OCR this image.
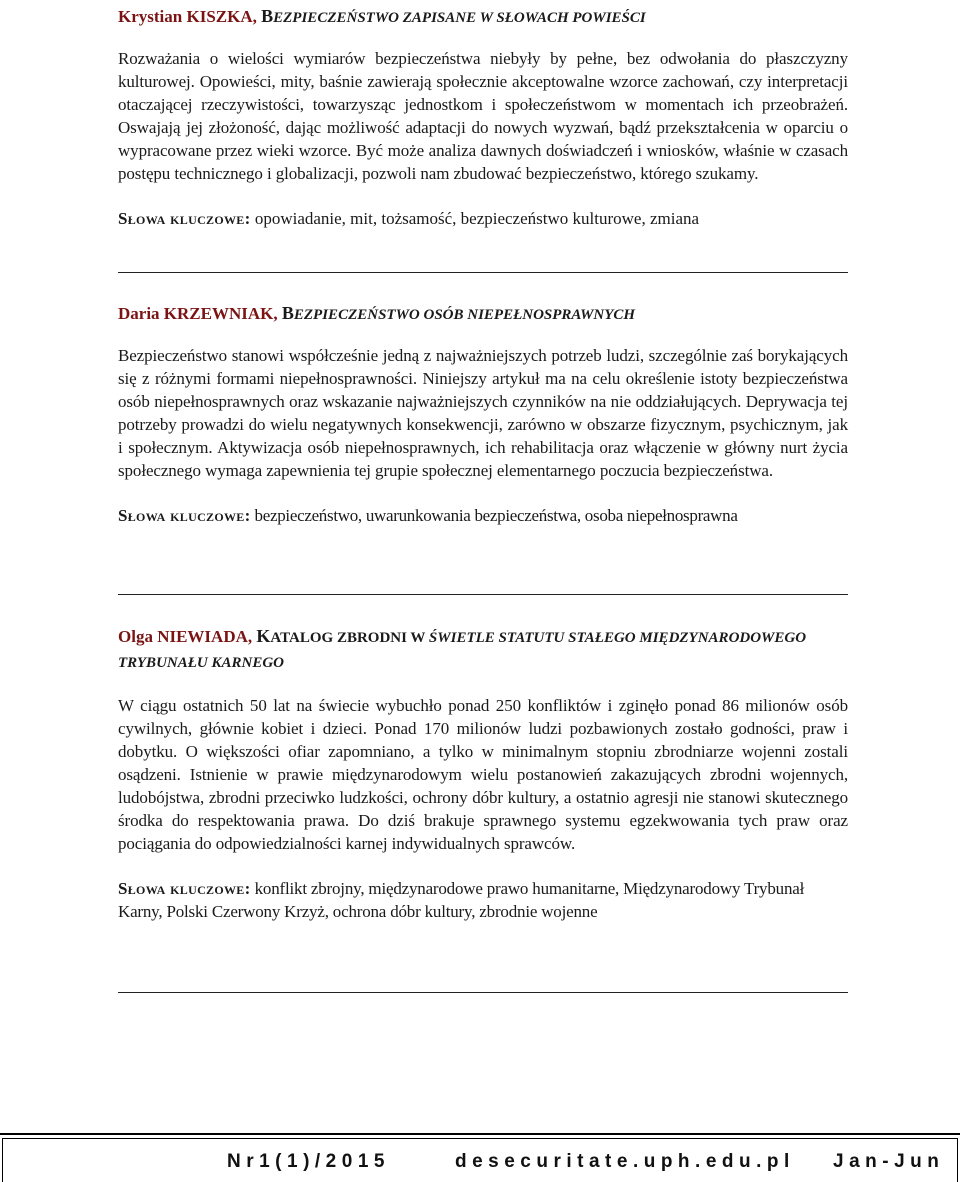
Krystian KISZKA, BEZPIECZEŃSTWO ZAPISANE W SŁOWACH POWIEŚCI

Rozważania o wielości wymiarów bezpieczeństwa niebyły by pełne, bez odwołania do płaszczyzny kulturowej. Opowieści, mity, baśnie zawierają społecznie akceptowalne wzorce zachowań, czy interpretacji otaczającej rzeczywistości, towarzysząc jednostkom i społeczeństwom w momentach ich przeobrażeń. Oswajają jej złożoność, dając możliwość adaptacji do nowych wyzwań, bądź przekształcenia w oparciu o wypracowane przez wieki wzorce. Być może analiza dawnych doświadczeń i wniosków, właśnie w czasach postępu technicznego i globalizacji, pozwoli nam zbudować bezpieczeństwo, którego szukamy.

Słowa kluczowe: opowiadanie, mit, tożsamość, bezpieczeństwo kulturowe, zmiana

Daria KRZEWNIAK, BEZPIECZEŃSTWO OSÓB NIEPEŁNOSPRAWNYCH

Bezpieczeństwo stanowi współcześnie jedną z najważniejszych potrzeb ludzi, szczególnie zaś borykających się z różnymi formami niepełnosprawności. Niniejszy artykuł ma na celu określenie istoty bezpieczeństwa osób niepełnosprawnych oraz wskazanie najważniejszych czynników na nie oddziałujących. Deprywacja tej potrzeby prowadzi do wielu negatywnych konsekwencji, zarówno w obszarze fizycznym, psychicznym, jak i społecznym. Aktywizacja osób niepełnosprawnych, ich rehabilitacja oraz włączenie w główny nurt życia społecznego wymaga zapewnienia tej grupie społecznej elementarnego poczucia bezpieczeństwa.

Słowa kluczowe: bezpieczeństwo, uwarunkowania bezpieczeństwa, osoba niepełnosprawna

Olga NIEWIADA, KATALOG ZBRODNI W ŚWIETLE STATUTU STAŁEGO MIĘDZYNARODOWEGO TRYBUNAŁU KARNEGO

W ciągu ostatnich 50 lat na świecie wybuchło ponad 250 konfliktów i zginęło ponad 86 milionów osób cywilnych, głównie kobiet i dzieci. Ponad 170 milionów ludzi pozbawionych zostało godności, praw i dobytku. O większości ofiar zapomniano, a tylko w minimalnym stopniu zbrodniarze wojenni zostali osądzeni. Istnienie w prawie międzynarodowym wielu postanowień zakazujących zbrodni wojennych, ludobójstwa, zbrodni przeciwko ludzkości, ochrony dóbr kultury, a ostatnio agresji nie stanowi skutecznego środka do respektowania prawa. Do dziś brakuje sprawnego systemu egzekwowania tych praw oraz pociągania do odpowiedzialności karnej indywidualnych sprawców.

Słowa kluczowe: konflikt zbrojny, międzynarodowe prawo humanitarne, Międzynarodowy Trybunał Karny, Polski Czerwony Krzyż, ochrona dóbr kultury, zbrodnie wojenne

Nr1(1)/2015	desecuritate.uph.edu.pl Jan-Jun
